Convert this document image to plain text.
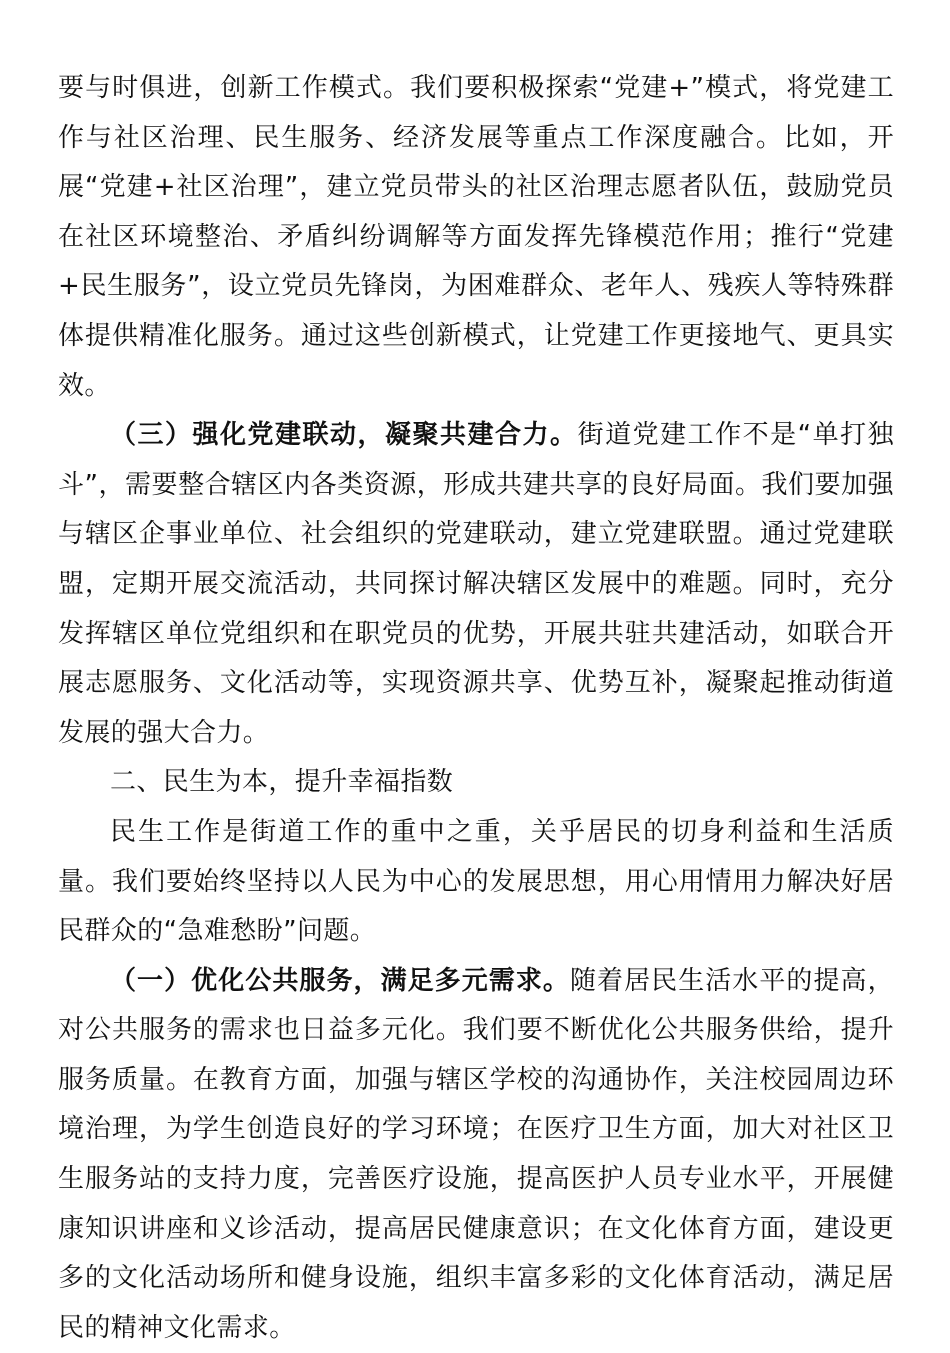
要与时俱进，创新工作模式。我们要积极探索“党建+”模式，将党建工作与社区治理、民生服务、经济发展等重点工作深度融合。比如，开展“党建+社区治理”，建立党员带头的社区治理志愿者队伍，鼓励党员在社区环境整治、矛盾纠纷调解等方面发挥先锋模范作用；推行“党建+民生服务”，设立党员先锋岗，为困难群众、老年人、残疾人等特殊群体提供精准化服务。通过这些创新模式，让党建工作更接地气、更具实效。

（三）强化党建联动，凝聚共建合力。街道党建工作不是“单打独斗”，需要整合辖区内各类资源，形成共建共享的良好局面。我们要加强与辖区企事业单位、社会组织的党建联动，建立党建联盟。通过党建联盟，定期开展交流活动，共同探讨解决辖区发展中的难题。同时，充分发挥辖区单位党组织和在职党员的优势，开展共驻共建活动，如联合开展志愿服务、文化活动等，实现资源共享、优势互补，凝聚起推动街道发展的强大合力。

二、民生为本，提升幸福指数

民生工作是街道工作的重中之重，关乎居民的切身利益和生活质量。我们要始终坚持以人民为中心的发展思想，用心用情用力解决好居民群众的“急难愁盼”问题。

（一）优化公共服务，满足多元需求。随着居民生活水平的提高，对公共服务的需求也日益多元化。我们要不断优化公共服务供给，提升服务质量。在教育方面，加强与辖区学校的沟通协作，关注校园周边环境治理，为学生创造良好的学习环境；在医疗卫生方面，加大对社区卫生服务站的支持力度，完善医疗设施，提高医护人员专业水平，开展健康知识讲座和义诊活动，提高居民健康意识；在文化体育方面，建设更多的文化活动场所和健身设施，组织丰富多彩的文化体育活动，满足居民的精神文化需求。
